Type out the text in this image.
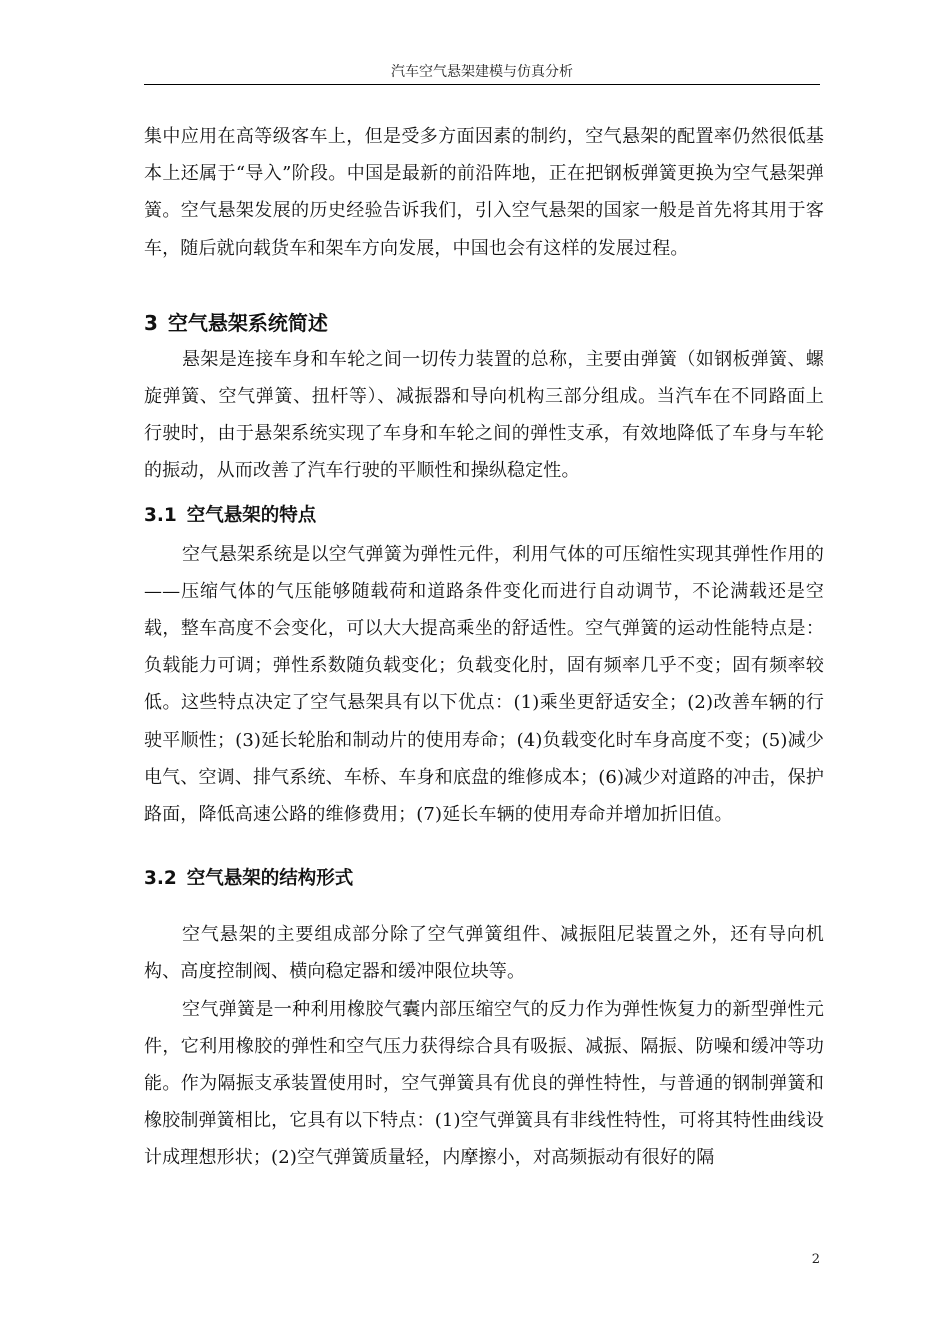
汽车空气悬架建模与仿真分析

集中应用在高等级客车上，但是受多方面因素的制约，空气悬架的配置率仍然很低基本上还属于“导入”阶段。中国是最新的前沿阵地，正在把钢板弹簧更换为空气悬架弹簧。空气悬架发展的历史经验告诉我们，引入空气悬架的国家一般是首先将其用于客车，随后就向载货车和架车方向发展，中国也会有这样的发展过程。

3 空气悬架系统简述

悬架是连接车身和车轮之间一切传力装置的总称，主要由弹簧（如钢板弹簧、螺旋弹簧、空气弹簧、扭杆等）、减振器和导向机构三部分组成。当汽车在不同路面上行驶时，由于悬架系统实现了车身和车轮之间的弹性支承，有效地降低了车身与车轮的振动，从而改善了汽车行驶的平顺性和操纵稳定性。

3.1 空气悬架的特点

空气悬架系统是以空气弹簧为弹性元件，利用气体的可压缩性实现其弹性作用的——压缩气体的气压能够随载荷和道路条件变化而进行自动调节，不论满载还是空载，整车高度不会变化，可以大大提高乘坐的舒适性。空气弹簧的运动性能特点是：负载能力可调；弹性系数随负载变化；负载变化肘，固有频率几乎不变；固有频率较低。这些特点决定了空气悬架具有以下优点：(1)乘坐更舒适安全；(2)改善车辆的行驶平顺性；(3)延长轮胎和制动片的使用寿命；(4)负载变化时车身高度不变；(5)减少电气、空调、排气系统、车桥、车身和底盘的维修成本；(6)减少对道路的冲击，保护路面，降低高速公路的维修费用；(7)延长车辆的使用寿命并增加折旧值。

3.2 空气悬架的结构形式

空气悬架的主要组成部分除了空气弹簧组件、减振阻尼装置之外，还有导向机构、高度控制阀、横向稳定器和缓冲限位块等。

空气弹簧是一种利用橡胶气囊内部压缩空气的反力作为弹性恢复力的新型弹性元件，它利用橡胶的弹性和空气压力获得综合具有吸振、减振、隔振、防噪和缓冲等功能。作为隔振支承装置使用时，空气弹簧具有优良的弹性特性，与普通的钢制弹簧和橡胶制弹簧相比，它具有以下特点：(1)空气弹簧具有非线性特性，可将其特性曲线设计成理想形状；(2)空气弹簧质量轻，内摩擦小，对高频振动有很好的隔

2
